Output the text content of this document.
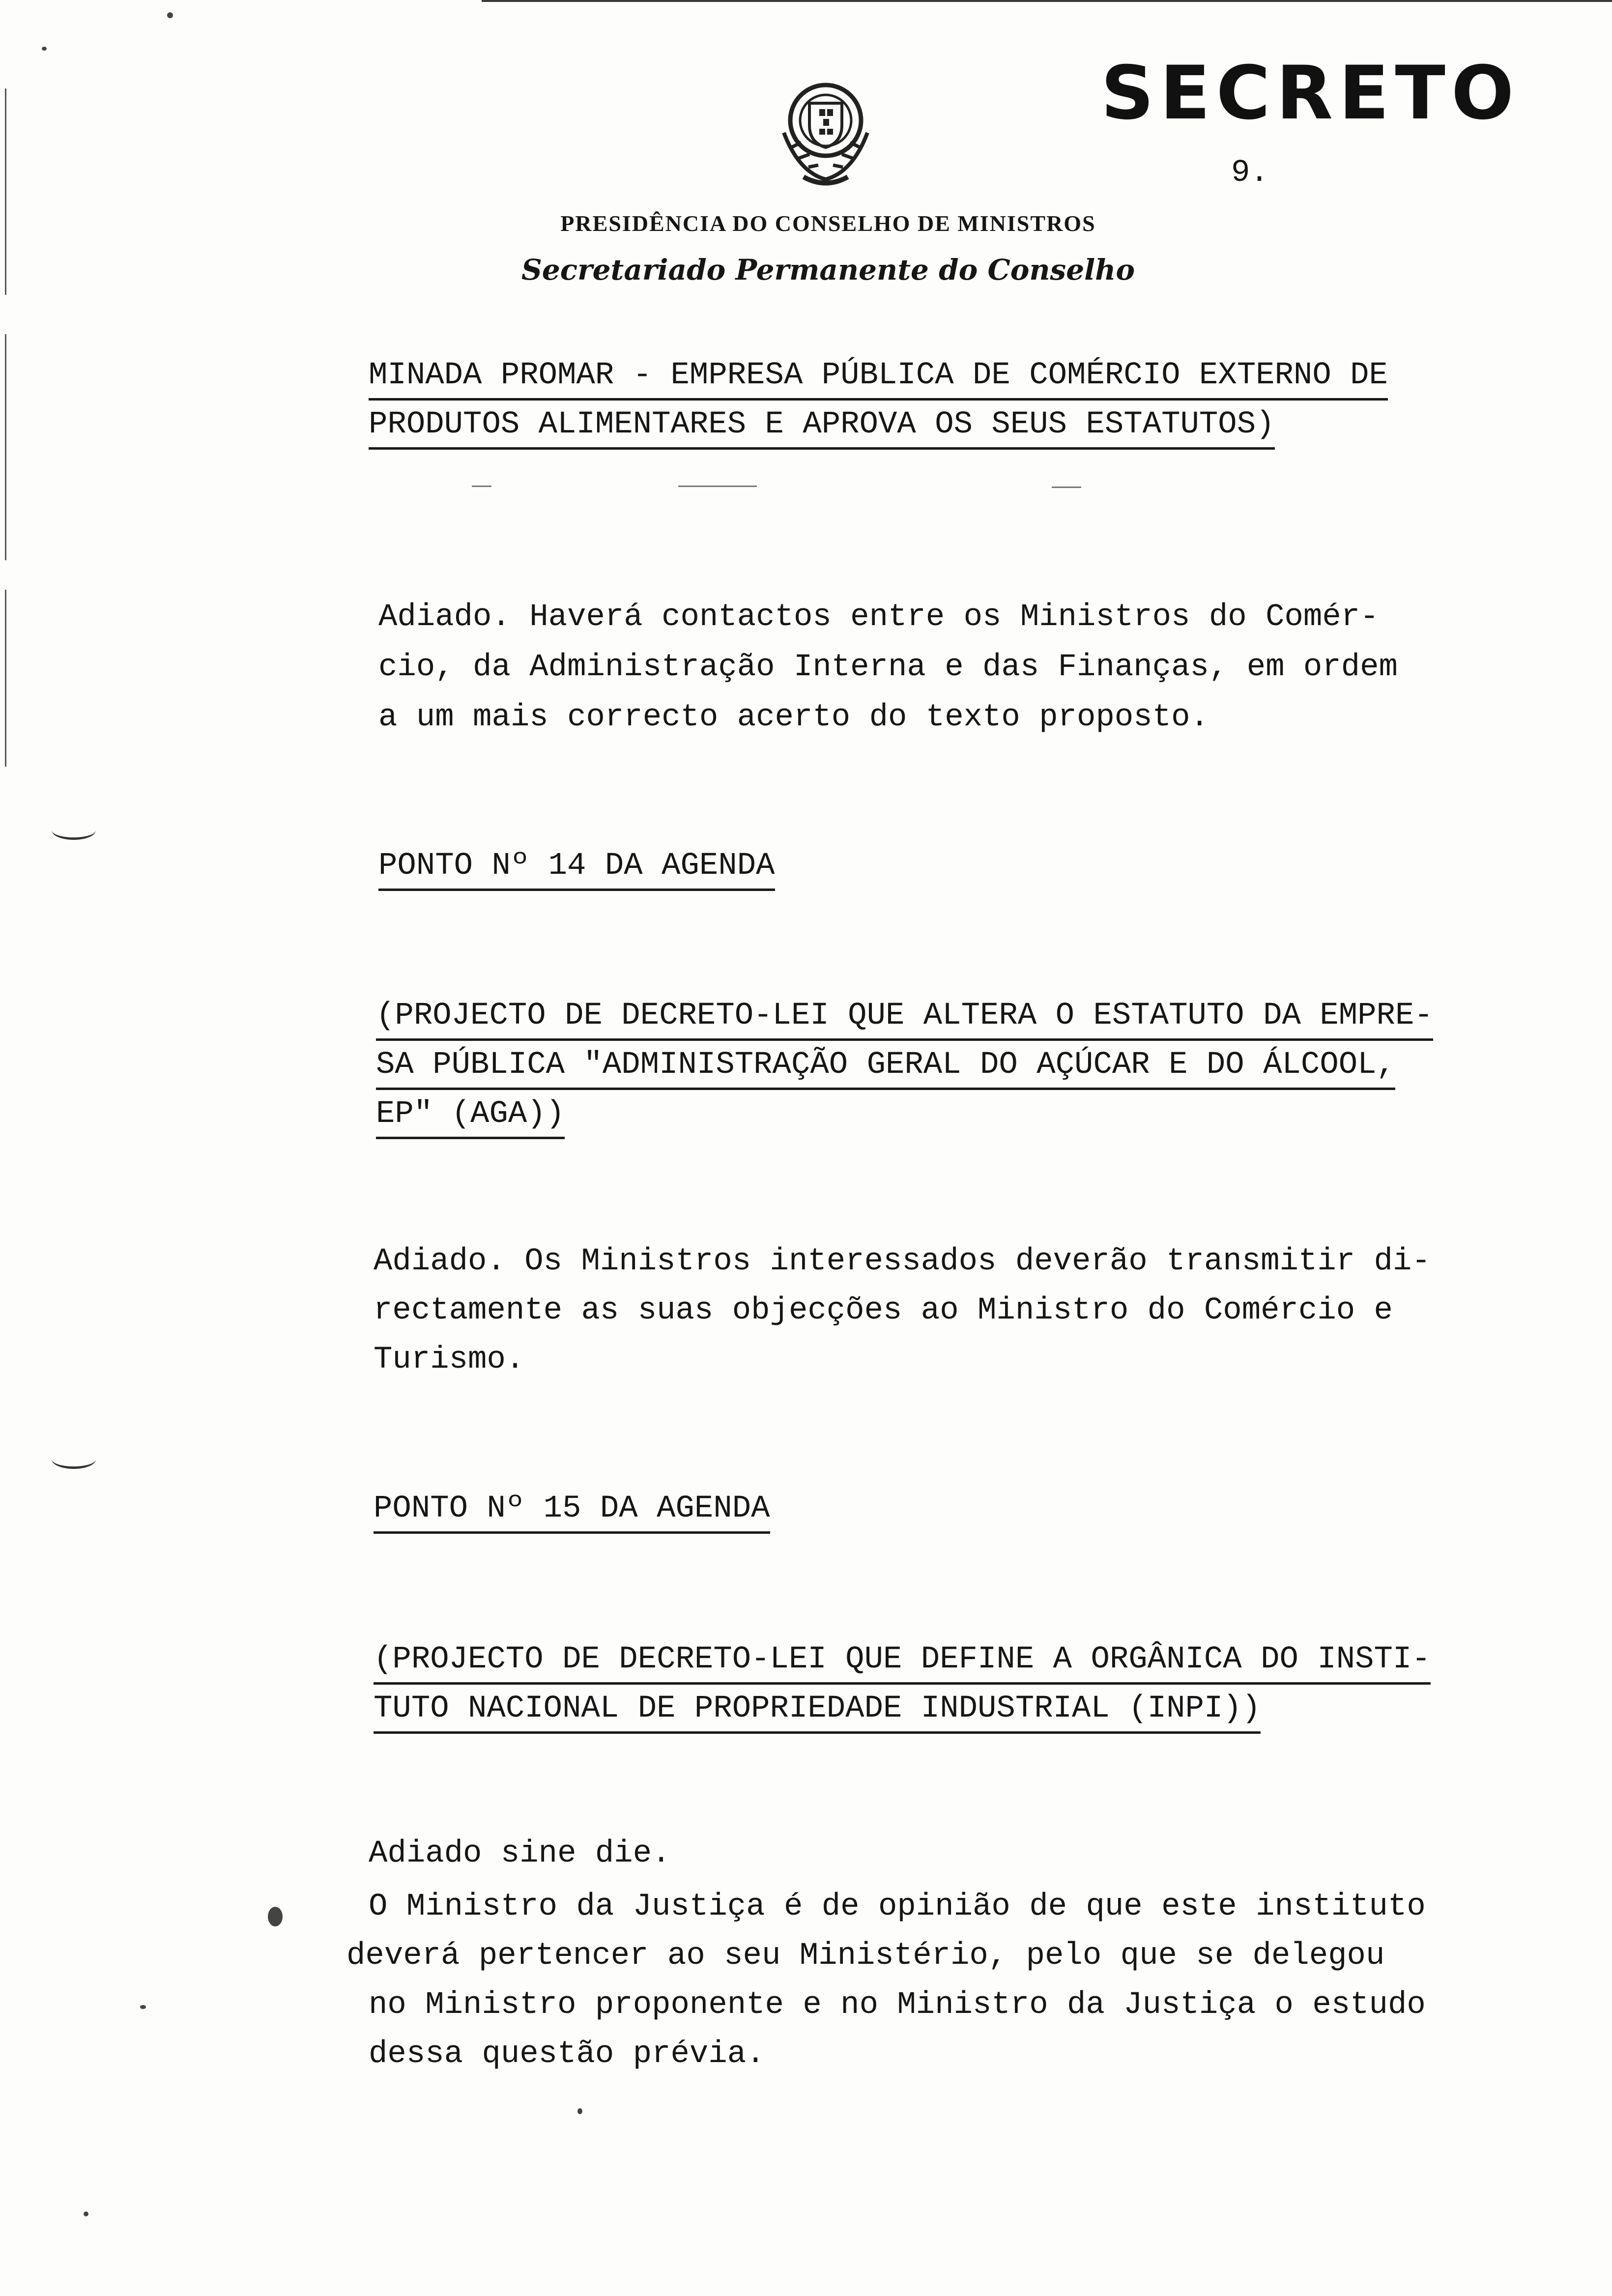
SECRETO
9.
PRESIDÊNCIA DO CONSELHO DE MINISTROS
Secretariado Permanente do Conselho
MINADA PROMAR - EMPRESA PÚBLICA DE COMÉRCIO EXTERNO DE
PRODUTOS ALIMENTARES E APROVA OS SEUS ESTATUTOS)
Adiado. Haverá contactos entre os Ministros do Comér-
cio, da Administração Interna e das Finanças, em ordem
a um mais correcto acerto do texto proposto.
PONTO Nº 14 DA AGENDA
(PROJECTO DE DECRETO-LEI QUE ALTERA O ESTATUTO DA EMPRE-
SA PÚBLICA "ADMINISTRAÇÃO GERAL DO AÇÚCAR E DO ÁLCOOL,
EP" (AGA))
Adiado. Os Ministros interessados deverão transmitir di-
rectamente as suas objecções ao Ministro do Comércio e
Turismo.
PONTO Nº 15 DA AGENDA
(PROJECTO DE DECRETO-LEI QUE DEFINE A ORGÂNICA DO INSTI-
TUTO NACIONAL DE PROPRIEDADE INDUSTRIAL (INPI))
Adiado sine die.
O Ministro da Justiça é de opinião de que este instituto
deverá pertencer ao seu Ministério, pelo que se delegou
no Ministro proponente e no Ministro da Justiça o estudo
dessa questão prévia.
